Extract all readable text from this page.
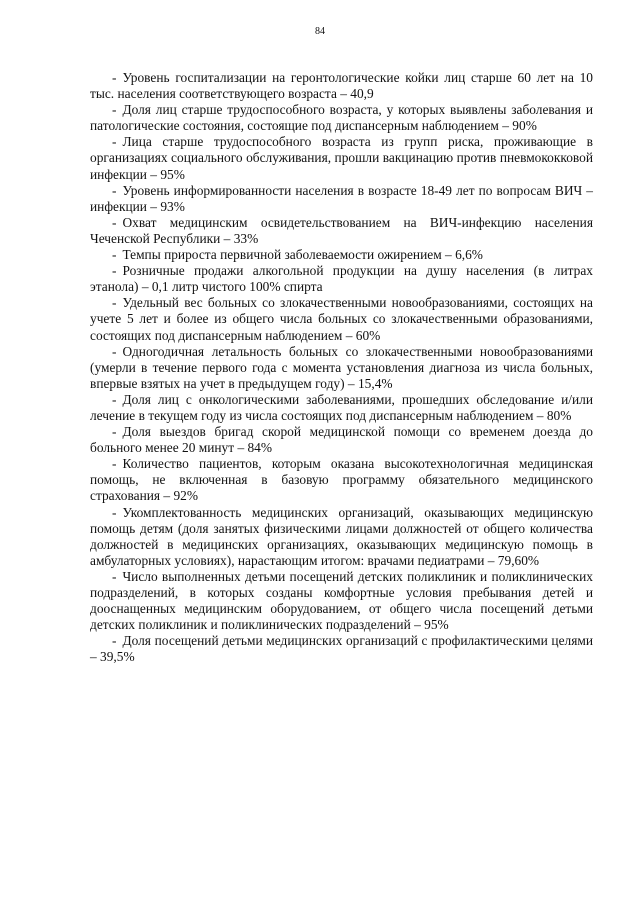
84

- Уровень госпитализации на геронтологические койки лиц старше 60 лет на 10 тыс. населения соответствующего возраста – 40,9

- Доля лиц старше трудоспособного возраста, у которых выявлены заболевания и патологические состояния, состоящие под диспансерным наблюдением – 90%

- Лица старше трудоспособного возраста из групп риска, проживающие в организациях социального обслуживания, прошли вакцинацию против пневмококковой инфекции – 95%

- Уровень информированности населения в возрасте 18-49 лет по вопросам ВИЧ – инфекции – 93%

- Охват медицинским освидетельствованием на ВИЧ-инфекцию населения Чеченской Республики – 33%

- Темпы прироста первичной заболеваемости ожирением – 6,6%

- Розничные продажи алкогольной продукции на душу населения (в литрах этанола) – 0,1 литр чистого 100% спирта

- Удельный вес больных со злокачественными новообразованиями, состоящих на учете 5 лет и более из общего числа больных со злокачественными образованиями, состоящих под диспансерным наблюдением – 60%

- Одногодичная летальность больных со злокачественными новообразованиями (умерли в течение первого года с момента установления диагноза из числа больных, впервые взятых на учет в предыдущем году) – 15,4%

- Доля лиц с онкологическими заболеваниями, прошедших обследование и/или лечение в текущем году из числа состоящих под диспансерным наблюдением – 80%

- Доля выездов бригад скорой медицинской помощи со временем доезда до больного менее 20 минут – 84%

- Количество пациентов, которым оказана высокотехнологичная медицинская помощь, не включенная в базовую программу обязательного медицинского страхования – 92%

- Укомплектованность медицинских организаций, оказывающих медицинскую помощь детям (доля занятых физическими лицами должностей от общего количества должностей в медицинских организациях, оказывающих медицинскую помощь в амбулаторных условиях), нарастающим итогом: врачами педиатрами – 79,60%

- Число выполненных детьми посещений детских поликлиник и поликлинических подразделений, в которых созданы комфортные условия пребывания детей и дооснащенных медицинским оборудованием, от общего числа посещений детьми детских поликлиник и поликлинических подразделений – 95%

- Доля посещений детьми медицинских организаций с профилактическими целями – 39,5%
